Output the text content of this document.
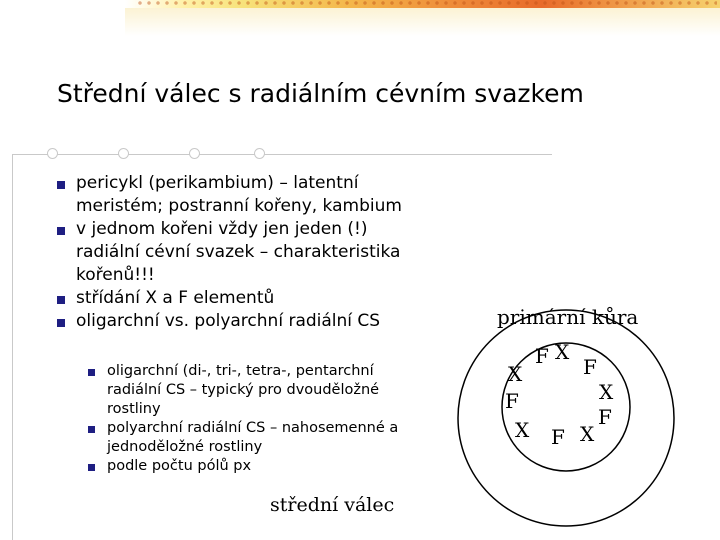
Střední válec s radiálním cévním svazkem
pericykl (perikambium) – latentní meristém; postranní kořeny, kambium
v jednom kořeni vždy jen jeden (!) radiální cévní svazek – charakteristika kořenů!!!
střídání X a F elementů
oligarchní vs. polyarchní radiální CS
oligarchní (di-, tri-, tetra-, pentarchní radiální CS – typický pro dvouděložné rostliny
polyarchní radiální CS – nahosemenné a jednoděložné rostliny
podle počtu pólů px
primární kůra
střední válec
X
F
X	F
X
F
X
F
X
F
